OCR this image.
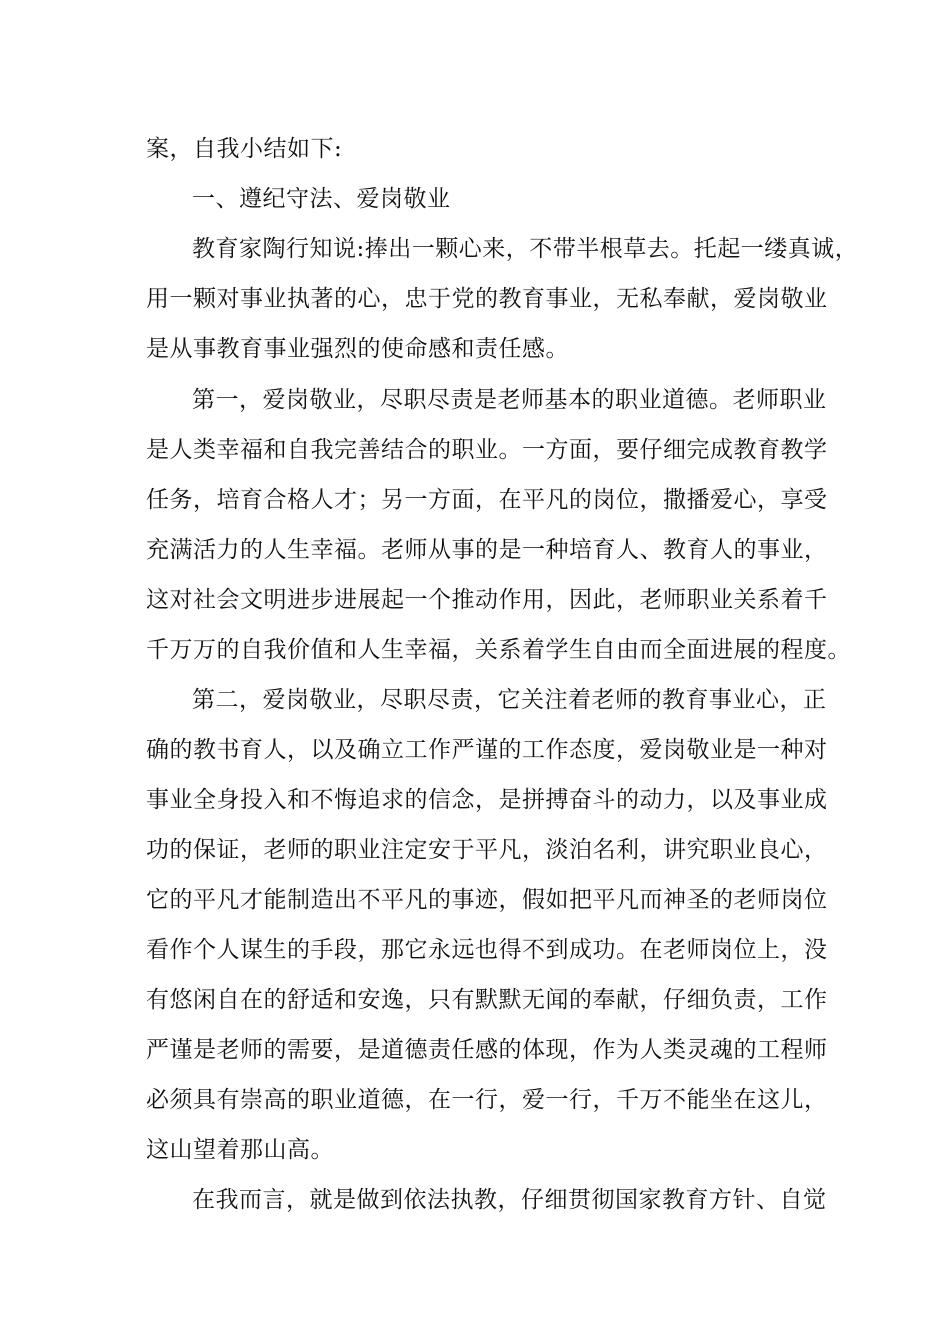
案，自我小结如下:
一、遵纪守法、爱岗敬业
教育家陶行知说:捧出一颗心来，不带半根草去。托起一缕真诚，
用一颗对事业执著的心，忠于党的教育事业，无私奉献，爱岗敬业
是从事教育事业强烈的使命感和责任感。
第一，爱岗敬业，尽职尽责是老师基本的职业道德。老师职业
是人类幸福和自我完善结合的职业。一方面，要仔细完成教育教学
任务，培育合格人才；另一方面，在平凡的岗位，撒播爱心，享受
充满活力的人生幸福。老师从事的是一种培育人、教育人的事业，
这对社会文明进步进展起一个推动作用，因此，老师职业关系着千
千万万的自我价值和人生幸福，关系着学生自由而全面进展的程度。
第二，爱岗敬业，尽职尽责，它关注着老师的教育事业心，正
确的教书育人，以及确立工作严谨的工作态度，爱岗敬业是一种对
事业全身投入和不悔追求的信念，是拼搏奋斗的动力，以及事业成
功的保证，老师的职业注定安于平凡，淡泊名利，讲究职业良心，
它的平凡才能制造出不平凡的事迹，假如把平凡而神圣的老师岗位
看作个人谋生的手段，那它永远也得不到成功。在老师岗位上，没
有悠闲自在的舒适和安逸，只有默默无闻的奉献，仔细负责，工作
严谨是老师的需要，是道德责任感的体现，作为人类灵魂的工程师
必须具有崇高的职业道德，在一行，爱一行，千万不能坐在这儿，
这山望着那山高。
在我而言，就是做到依法执教，仔细贯彻国家教育方针、自觉
